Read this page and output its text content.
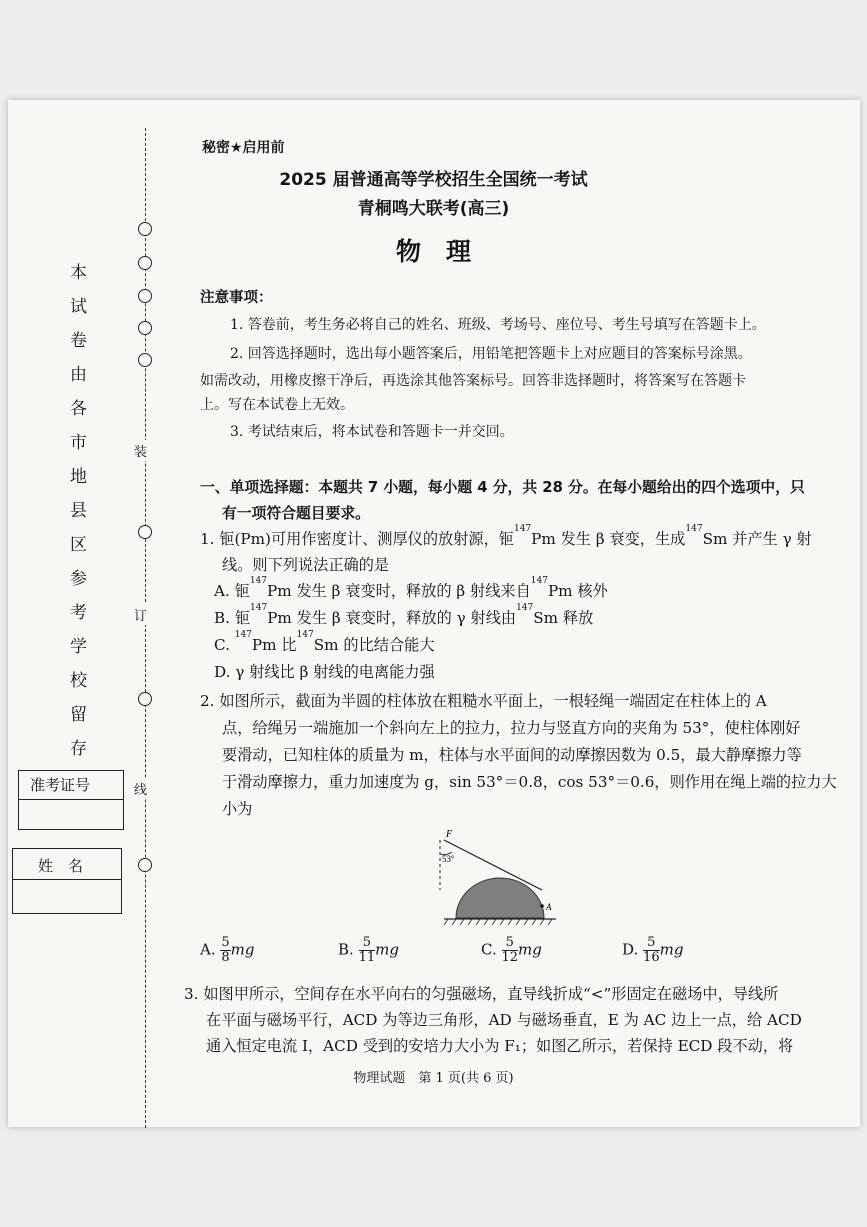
装
订
线
本
试
卷
由
各
市
地
县
区
参
考
学
校
留
存
准考证号
姓　名
秘密★启用前
2025 届普通高等学校招生全国统一考试
青桐鸣大联考(高三)
物　理
注意事项：
1. 答卷前，考生务必将自己的姓名、班级、考场号、座位号、考生号填写在答题卡上。
2. 回答选择题时，选出每小题答案后，用铅笔把答题卡上对应题目的答案标号涂黑。
如需改动，用橡皮擦干净后，再选涂其他答案标号。回答非选择题时，将答案写在答题卡
上。写在本试卷上无效。
3. 考试结束后，将本试卷和答题卡一并交回。
一、单项选择题：本题共 7 小题，每小题 4 分，共 28 分。在每小题给出的四个选项中，只
有一项符合题目要求。
1. 钷(Pm)可用作密度计、测厚仪的放射源，钷$^{147}$Pm 发生 β 衰变，生成$^{147}$Sm 并产生 γ 射
线。则下列说法正确的是
A. 钷$^{147}$Pm 发生 β 衰变时，释放的 β 射线来自$^{147}$Pm 核外
B. 钷$^{147}$Pm 发生 β 衰变时，释放的 γ 射线由$^{147}$Sm 释放
C. $^{147}$Pm 比$^{147}$Sm 的比结合能大
D. γ 射线比 β 射线的电离能力强
2. 如图所示，截面为半圆的柱体放在粗糙水平面上，一根轻绳一端固定在柱体上的 A
点，给绳另一端施加一个斜向左上的拉力，拉力与竖直方向的夹角为 53°，使柱体刚好
要滑动，已知柱体的质量为 m，柱体与水平面间的动摩擦因数为 0.5，最大静摩擦力等
于滑动摩擦力，重力加速度为 g，sin 53°＝0.8，cos 53°＝0.6，则作用在绳上端的拉力大
小为
F
53°
A
A. $\frac{5}{8}$ mg	B. $\frac{5}{11}$ mg	C. $\frac{5}{12}$ mg	D. $\frac{5}{16}$ mg
3. 如图甲所示，空间存在水平向右的匀强磁场，直导线折成“<”形固定在磁场中，导线所
在平面与磁场平行，ACD 为等边三角形，AD 与磁场垂直，E 为 AC 边上一点，给 ACD
通入恒定电流 I，ACD 受到的安培力大小为 F₁；如图乙所示，若保持 ECD 段不动，将
物理试题　第 1 页(共 6 页)
